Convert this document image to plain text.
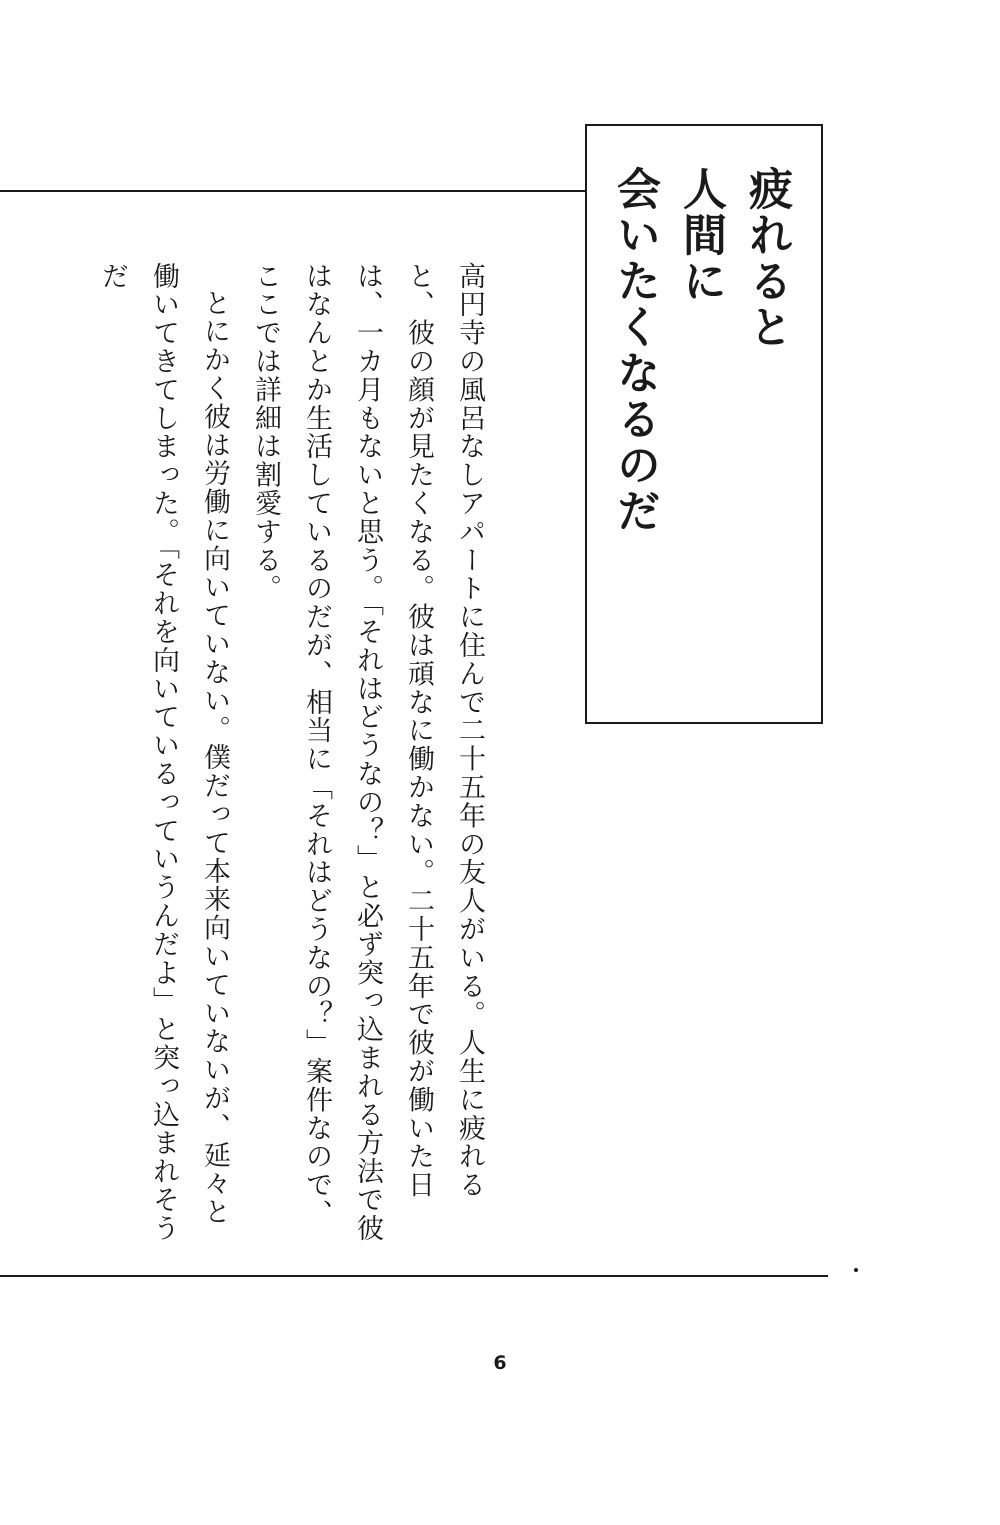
疲れると
人間に
会いたくなるのだ

高円寺の風呂なしアパートに住んで二十五年の友人がいる。人生に疲れると、彼の顔が見たくなる。彼は頑なに働かない。二十五年で彼が働いた日は、一カ月もないと思う。「それはどうなの？」と必ず突っ込まれる方法で彼はなんとか生活しているのだが、相当に「それはどうなの？」案件なので、ここでは詳細は割愛する。

とにかく彼は労働に向いていない。僕だって本来向いていないが、延々と働いてきてしまった。「それを向いているっていうんだよ」と突っ込まれそうだ

6
